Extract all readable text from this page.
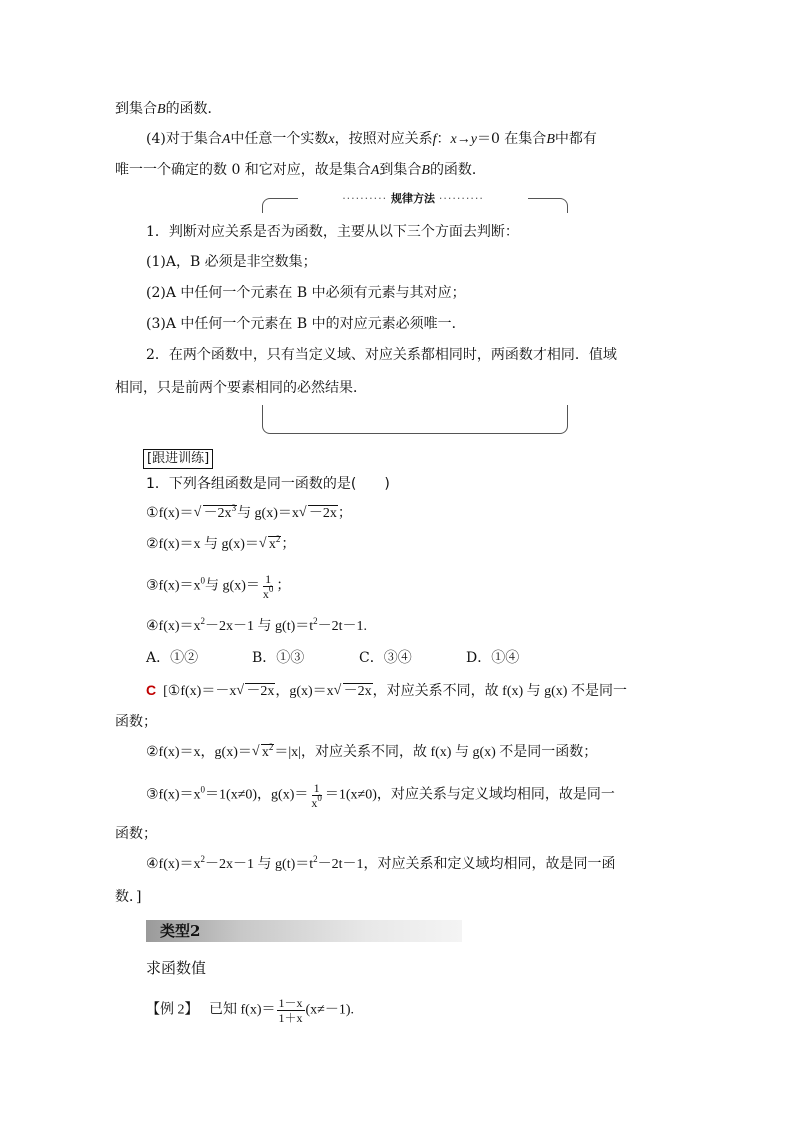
到集合B的函数．
(4)对于集合A中任意一个实数x，按照对应关系f：x→y＝0 在集合B中都有
唯一一个确定的数 0 和它对应，故是集合A到集合B的函数．
·········· 规律方法 ··········
1．判断对应关系是否为函数，主要从以下三个方面去判断：
(1)A，B 必须是非空数集；
(2)A 中任何一个元素在 B 中必须有元素与其对应；
(3)A 中任何一个元素在 B 中的对应元素必须唯一．
2．在两个函数中，只有当定义域、对应关系都相同时，两函数才相同．值域
相同，只是前两个要素相同的必然结果．
[跟进训练]
1．下列各组函数是同一函数的是(　　)
①f(x)＝ √ $-2x^3$与 g(x)＝x √ －2x；
②f(x)＝x 与 g(x)＝ √ $x^2$；
$③f(x)=x^0$与 $g(x)= \frac{1}{x^0}$ ；
$④f(x)=x^2-2x-1$ 与 $g(t)=t^2-2t-1$.
A．①②	B．①③	C．③④	D．①④
C [①f(x)＝－x √ －2x，g(x)＝x √ －2x，对应关系不同，故 f(x) 与 g(x) 不是同一
函数；
②f(x)＝x，g(x)＝ √ $x^2=|x|$，对应关系不同，故 f(x) 与 g(x) 不是同一函数；
$③f(x)=x^0=1(x\ne 0)$，$g(x)= \frac{1}{x^0} =1(x\ne 0)$，对应关系与定义域均相同，故是同一
函数；
$④f(x)=x^2-2x-1$ 与 $g(t)=t^2-2t-1$，对应关系和定义域均相同，故是同一函
数．]
类型2
求函数值
【例 2】 已知 $f(x)= \frac{1-x}{1+x} (x\ne-1)$.
